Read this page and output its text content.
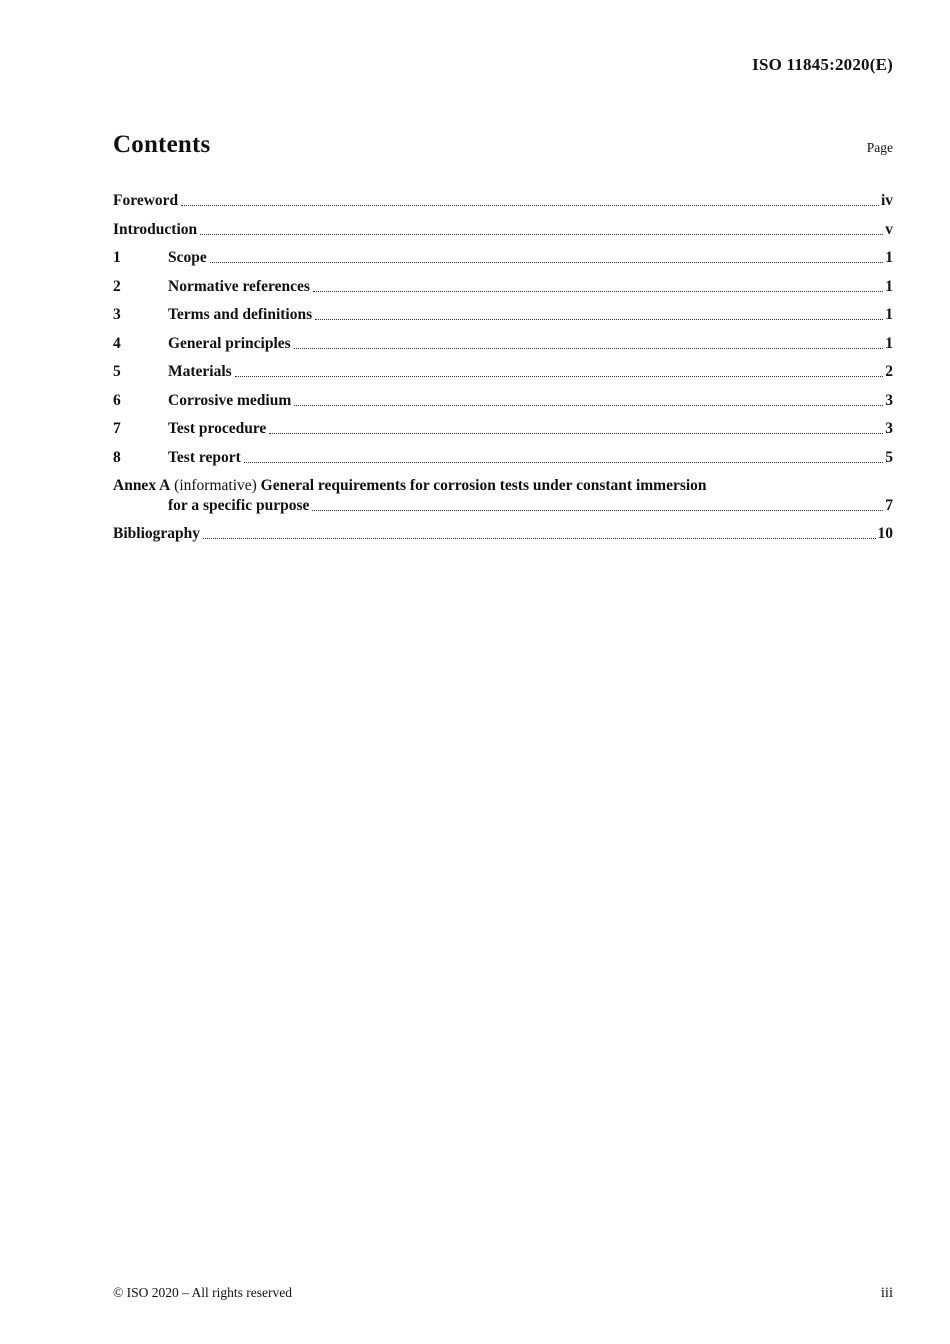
ISO 11845:2020(E)
Contents	Page
Foreword	iv
Introduction	v
1	Scope	1
2	Normative references	1
3	Terms and definitions	1
4	General principles	1
5	Materials	2
6	Corrosive medium	3
7	Test procedure	3
8	Test report	5
Annex A (informative) General requirements for corrosion tests under constant immersion
for a specific purpose	7
Bibliography	10
© ISO 2020 – All rights reserved	iii
